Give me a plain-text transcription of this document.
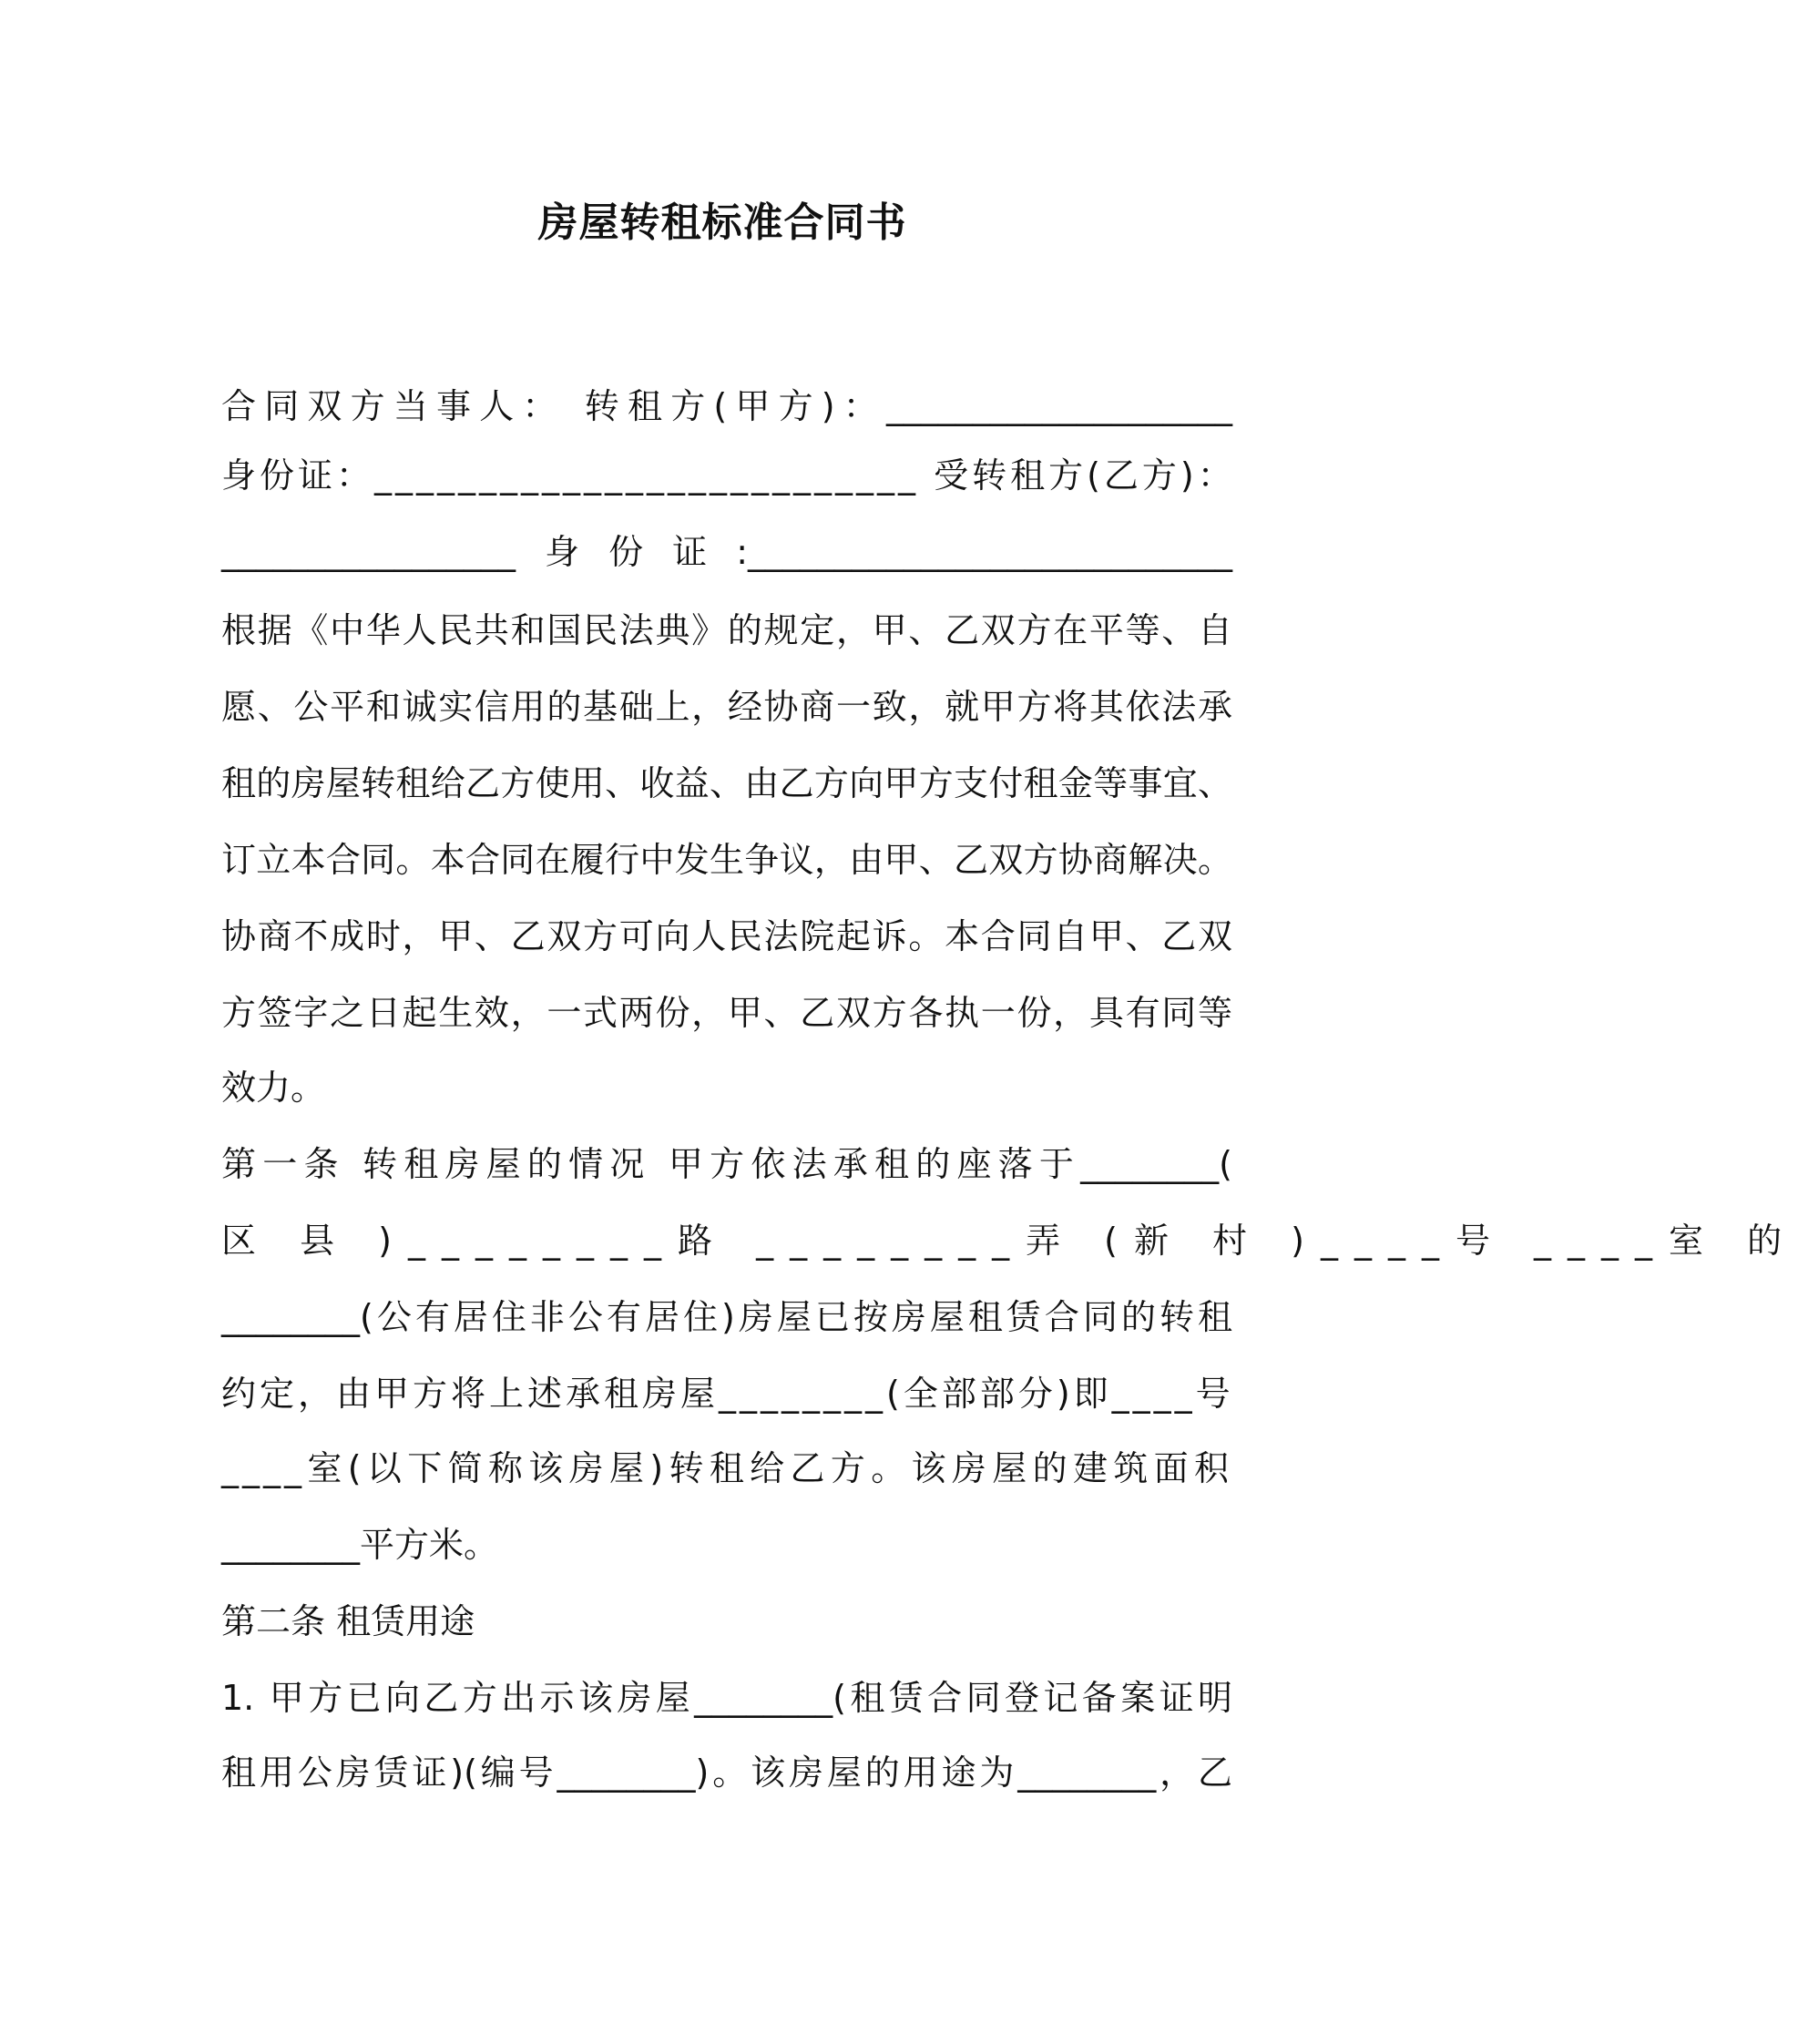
房屋转租标准合同书
合同双方当事人： 转租方(甲方)：____________________
身份证：__________________________ 受转租方(乙方)：
_________________身份证:____________________________
根据《中华人民共和国民法典》的规定，甲、乙双方在平等、自
愿、公平和诚实信用的基础上，经协商一致，就甲方将其依法承
租的房屋转租给乙方使用、收益、由乙方向甲方支付租金等事宜、
订立本合同。本合同在履行中发生争议，由甲、乙双方协商解决。
协商不成时，甲、乙双方可向人民法院起诉。本合同自甲、乙双
方签字之日起生效，一式两份，甲、乙双方各执一份，具有同等
效力。
第一条 转租房屋的情况 甲方依法承租的座落于________(
区 县 )________路 ________弄 (新 村 )____号 ____室 的
________(公有居住非公有居住)房屋已按房屋租赁合同的转租
约定，由甲方将上述承租房屋________(全部部分)即____号
____室(以下简称该房屋)转租给乙方。该房屋的建筑面积
________平方米。
第二条 租赁用途
1. 甲方已向乙方出示该房屋________(租赁合同登记备案证明
租用公房赁证)(编号________)。该房屋的用途为________，乙
